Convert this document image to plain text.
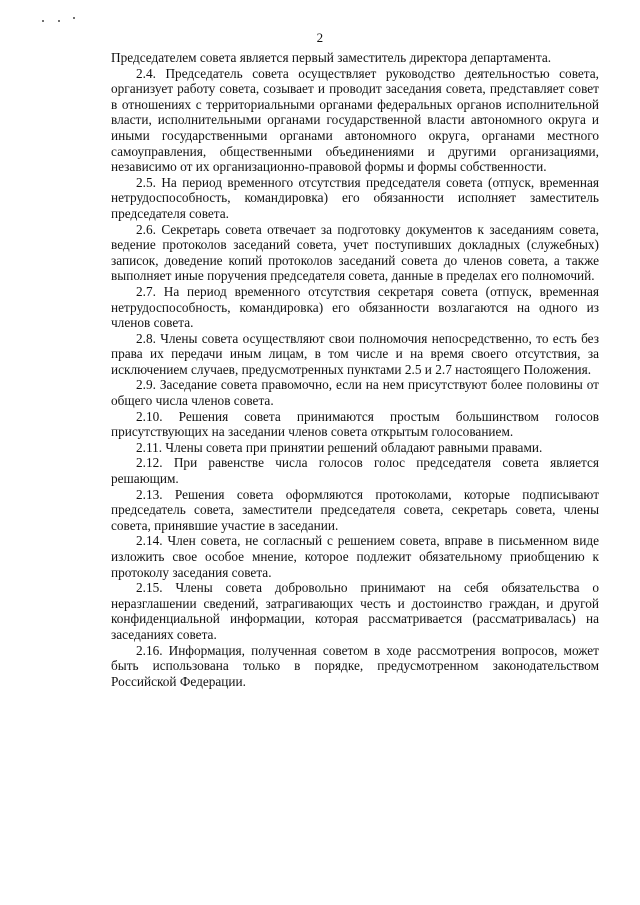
2

Председателем совета является первый заместитель директора департамента.

2.4. Председатель совета осуществляет руководство деятельностью совета, организует работу совета, созывает и проводит заседания совета, представляет совет в отношениях с территориальными органами федеральных органов исполнительной власти, исполнительными органами государственной власти автономного округа и иными государственными органами автономного округа, органами местного самоуправления, общественными объединениями и другими организациями, независимо от их организационно-правовой формы и формы собственности.

2.5. На период временного отсутствия председателя совета (отпуск, временная нетрудоспособность, командировка) его обязанности исполняет заместитель председателя совета.

2.6. Секретарь совета отвечает за подготовку документов к заседаниям совета, ведение протоколов заседаний совета, учет поступивших докладных (служебных) записок, доведение копий протоколов заседаний совета до членов совета, а также выполняет иные поручения председателя совета, данные в пределах его полномочий.

2.7. На период временного отсутствия секретаря совета (отпуск, временная нетрудоспособность, командировка) его обязанности возлагаются на одного из членов совета.

2.8. Члены совета осуществляют свои полномочия непосредственно, то есть без права их передачи иным лицам, в том числе и на время своего отсутствия, за исключением случаев, предусмотренных пунктами 2.5 и 2.7 настоящего Положения.

2.9. Заседание совета правомочно, если на нем присутствуют более половины от общего числа членов совета.

2.10. Решения совета принимаются простым большинством голосов присутствующих на заседании членов совета открытым голосованием.

2.11. Члены совета при принятии решений обладают равными правами.

2.12. При равенстве числа голосов голос председателя совета является решающим.

2.13. Решения совета оформляются протоколами, которые подписывают председатель совета, заместители председателя совета, секретарь совета, члены совета, принявшие участие в заседании.

2.14. Член совета, не согласный с решением совета, вправе в письменном виде изложить свое особое мнение, которое подлежит обязательному приобщению к протоколу заседания совета.

2.15. Члены совета добровольно принимают на себя обязательства о неразглашении сведений, затрагивающих честь и достоинство граждан, и другой конфиденциальной информации, которая рассматривается (рассматривалась) на заседаниях совета.

2.16. Информация, полученная советом в ходе рассмотрения вопросов, может быть использована только в порядке, предусмотренном законодательством Российской Федерации.
